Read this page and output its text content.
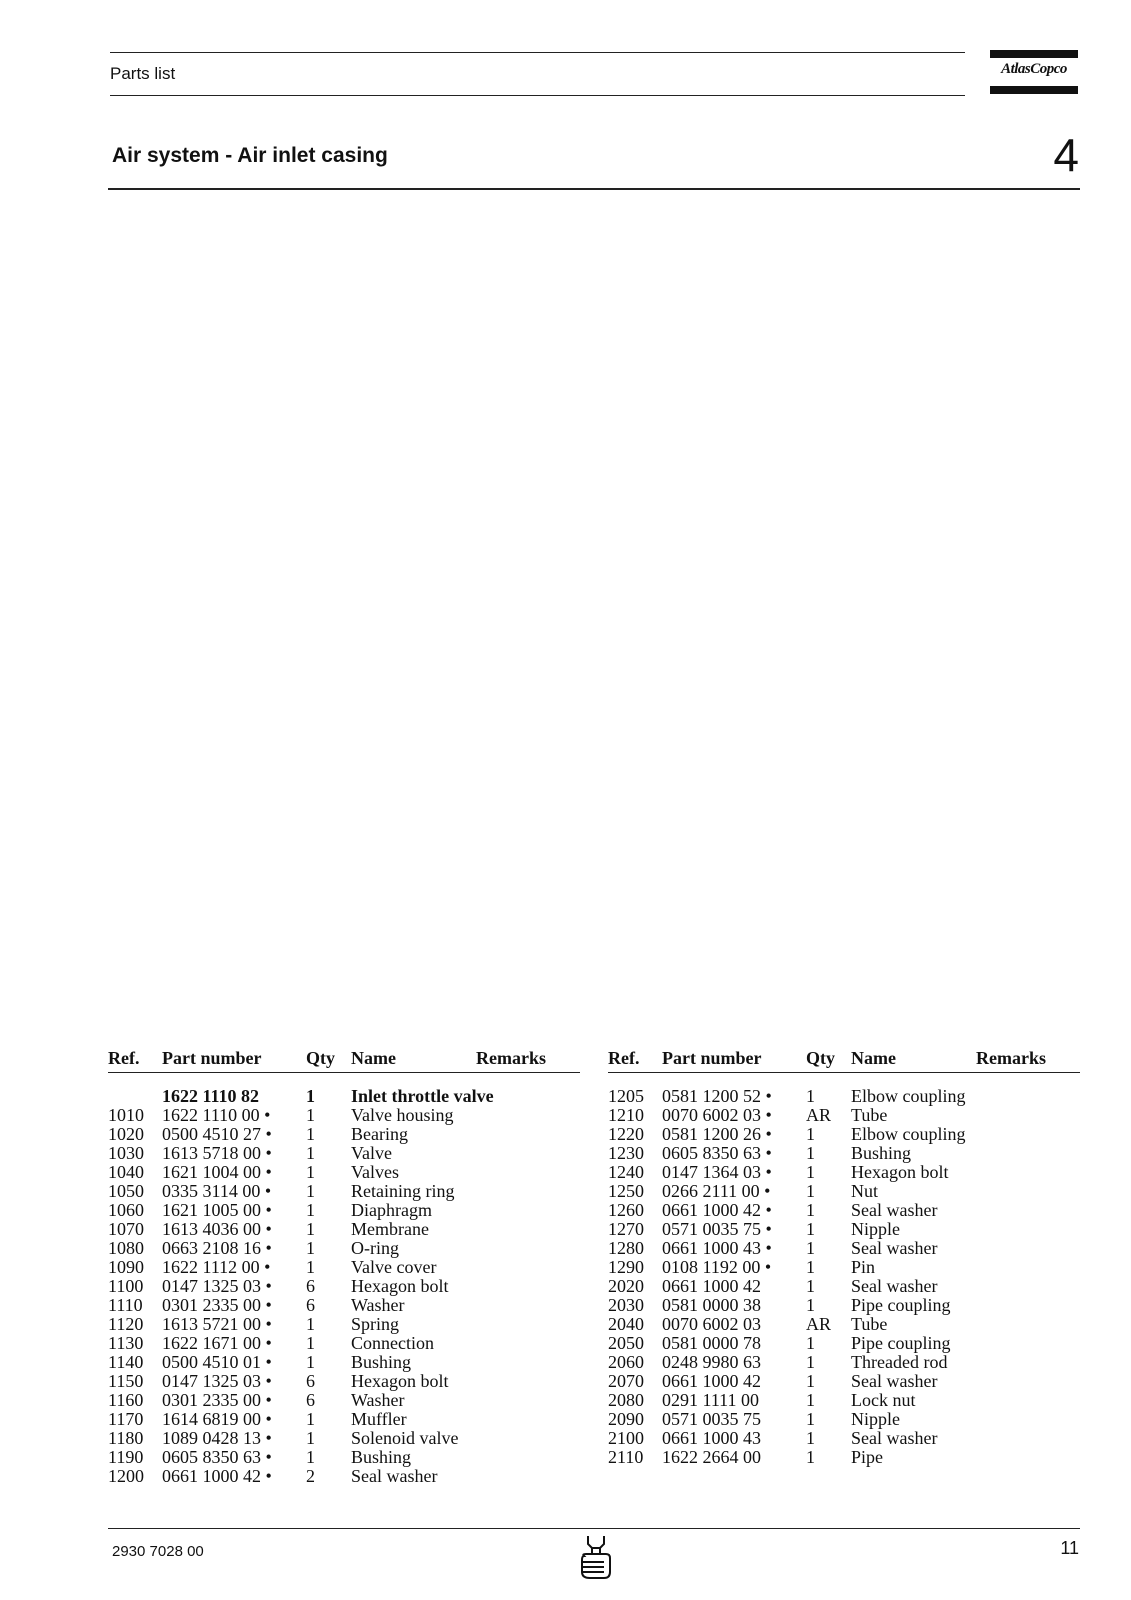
Parts list	AtlasCopco
Air system - Air inlet casing	4
Ref. Part number Qty Name	Remarks
1622 1110 82	1 Inlet throttle valve
1010 1622 1110 00 • 1 Valve housing
1020 0500 4510 27 • 1 Bearing
1030 1613 5718 00 • 1 Valve
1040 1621 1004 00 • 1 Valves
1050 0335 3114 00 • 1 Retaining ring
1060 1621 1005 00 • 1 Diaphragm
1070 1613 4036 00 • 1 Membrane
1080 0663 2108 16 • 1 O-ring
1090 1622 1112 00 • 1 Valve cover
1100 0147 1325 03 • 6 Hexagon bolt
1110 0301 2335 00 • 6 Washer
1120 1613 5721 00 • 1 Spring
1130 1622 1671 00 • 1 Connection
1140 0500 4510 01 • 1 Bushing
1150 0147 1325 03 • 6 Hexagon bolt
1160 0301 2335 00 • 6 Washer
1170 1614 6819 00 • 1 Muffler
1180 1089 0428 13 • 1 Solenoid valve
1190 0605 8350 63 • 1 Bushing
1200 0661 1000 42 • 2 Seal washer
Ref. Part number Qty Name	Remarks
1205 0581 1200 52 • 1 Elbow coupling
1210 0070 6002 03 • AR Tube
1220 0581 1200 26 • 1 Elbow coupling
1230 0605 8350 63 • 1 Bushing
1240 0147 1364 03 • 1 Hexagon bolt
1250 0266 2111 00 • 1 Nut
1260 0661 1000 42 • 1 Seal washer
1270 0571 0035 75 • 1 Nipple
1280 0661 1000 43 • 1 Seal washer
1290 0108 1192 00 • 1 Pin
2020 0661 1000 42	1 Seal washer
2030 0581 0000 38	1 Pipe coupling
2040 0070 6002 03	AR Tube
2050 0581 0000 78	1 Pipe coupling
2060 0248 9980 63	1 Threaded rod
2070 0661 1000 42	1 Seal washer
2080 0291 1111 00	1 Lock nut
2090 0571 0035 75	1 Nipple
2100 0661 1000 43	1 Seal washer
2110 1622 2664 00	1 Pipe
2930 7028 00	11
